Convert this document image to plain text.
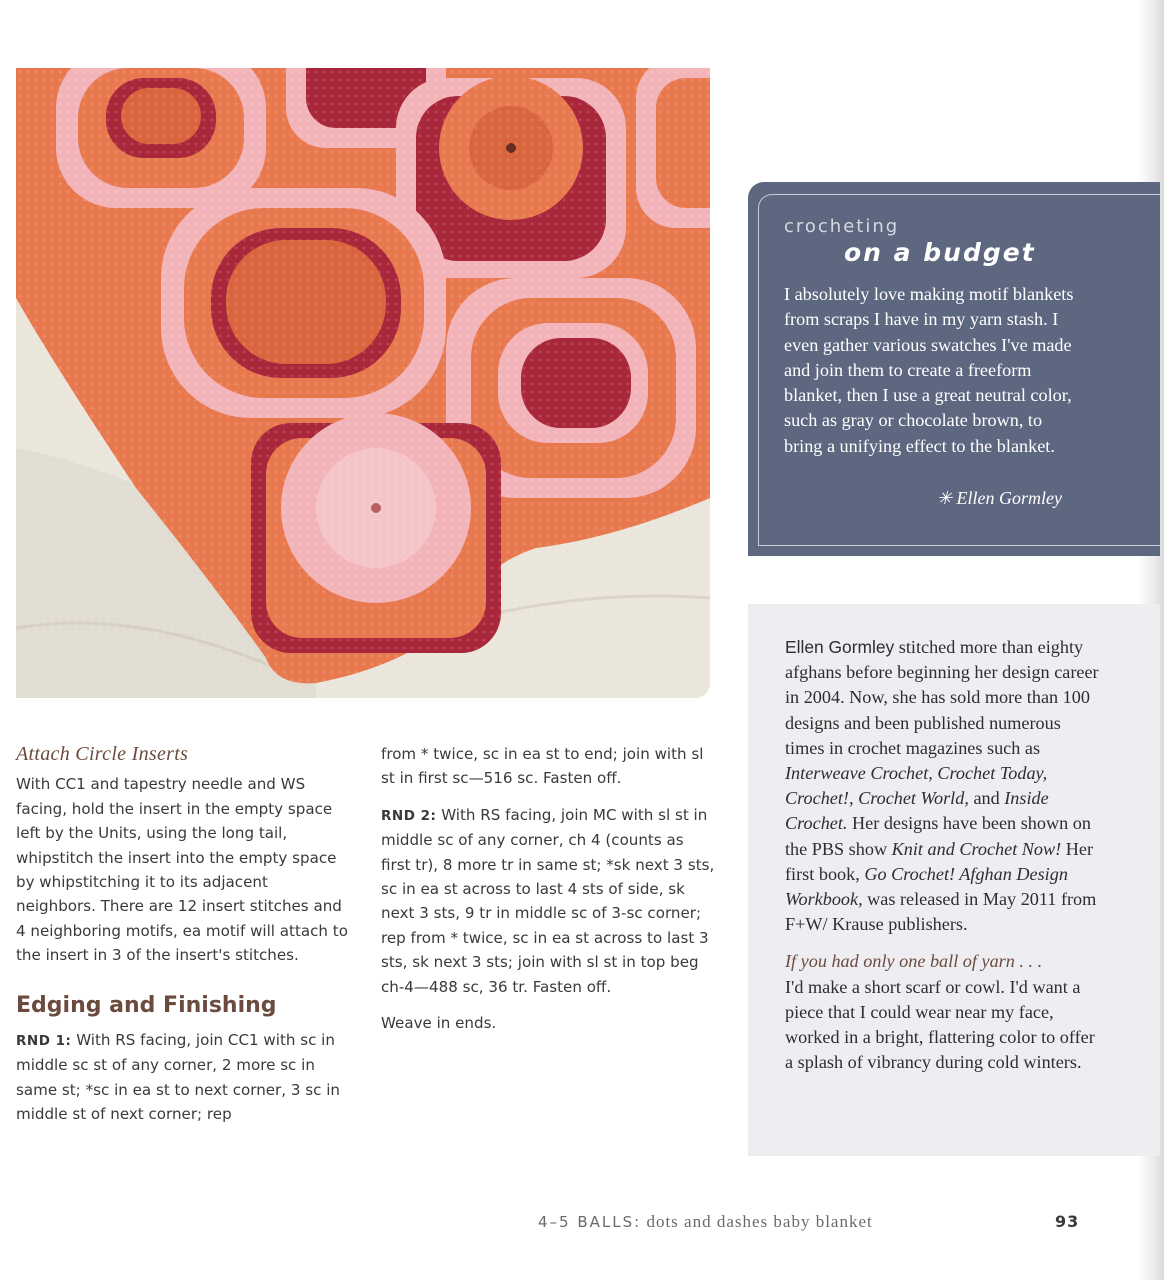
crocheting
on a budget
I absolutely love making motif blankets from scraps I have in my yarn stash. I even gather various swatches I've made and join them to create a freeform blanket, then I use a great neutral color, such as gray or chocolate brown, to bring a unifying effect to the blanket.
✳ Ellen Gormley

Ellen Gormley stitched more than eighty afghans before beginning her design career in 2004. Now, she has sold more than 100 designs and been published numerous times in crochet magazines such as Interweave Crochet, Crochet Today, Crochet!, Crochet World, and Inside Crochet. Her designs have been shown on the PBS show Knit and Crochet Now! Her first book, Go Crochet! Afghan Design Workbook, was released in May 2011 from F+W/ Krause publishers.

If you had only one ball of yarn . . .

I'd make a short scarf or cowl. I'd want a piece that I could wear near my face, worked in a bright, flattering color to offer a splash of vibrancy during cold winters.

Attach Circle Inserts

With CC1 and tapestry needle and WS facing, hold the insert in the empty space left by the Units, using the long tail, whipstitch the insert into the empty space by whipstitching it to its adjacent neighbors. There are 12 insert stitches and 4 neighboring motifs, ea motif will attach to the insert in 3 of the insert's stitches.

Edging and Finishing

RND 1: With RS facing, join CC1 with sc in middle sc st of any corner, 2 more sc in same st; *sc in ea st to next corner, 3 sc in middle st of next corner; rep

from * twice, sc in ea st to end; join with sl st in first sc—516 sc. Fasten off.

RND 2: With RS facing, join MC with sl st in middle sc of any corner, ch 4 (counts as first tr), 8 more tr in same st; *sk next 3 sts, sc in ea st across to last 4 sts of side, sk next 3 sts, 9 tr in middle sc of 3-sc corner; rep from * twice, sc in ea st across to last 3 sts, sk next 3 sts; join with sl st in top beg ch-4—488 sc, 36 tr. Fasten off.

Weave in ends.

4–5 BALLS: dots and dashes baby blanket	93
